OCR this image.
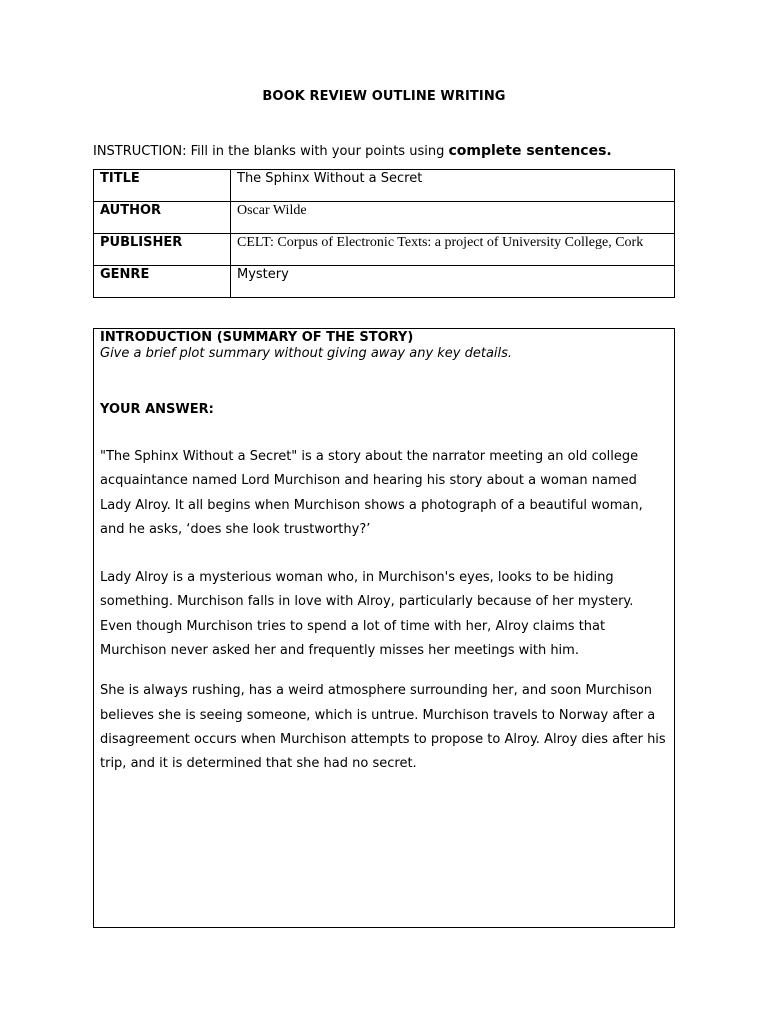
BOOK REVIEW OUTLINE WRITING
INSTRUCTION: Fill in the blanks with your points using complete sentences.
TITLE	The Sphinx Without a Secret
AUTHOR	Oscar Wilde
PUBLISHER	CELT: Corpus of Electronic Texts: a project of University College, Cork
GENRE	Mystery
INTRODUCTION (SUMMARY OF THE STORY)
Give a brief plot summary without giving away any key details.
YOUR ANSWER:

"The Sphinx Without a Secret" is a story about the narrator meeting an old college acquaintance named Lord Murchison and hearing his story about a woman named Lady Alroy. It all begins when Murchison shows a photograph of a beautiful woman, and he asks, ‘does she look trustworthy?’

Lady Alroy is a mysterious woman who, in Murchison's eyes, looks to be hiding something. Murchison falls in love with Alroy, particularly because of her mystery. Even though Murchison tries to spend a lot of time with her, Alroy claims that Murchison never asked her and frequently misses her meetings with him.

She is always rushing, has a weird atmosphere surrounding her, and soon Murchison believes she is seeing someone, which is untrue. Murchison travels to Norway after a disagreement occurs when Murchison attempts to propose to Alroy. Alroy dies after his trip, and it is determined that she had no secret.
